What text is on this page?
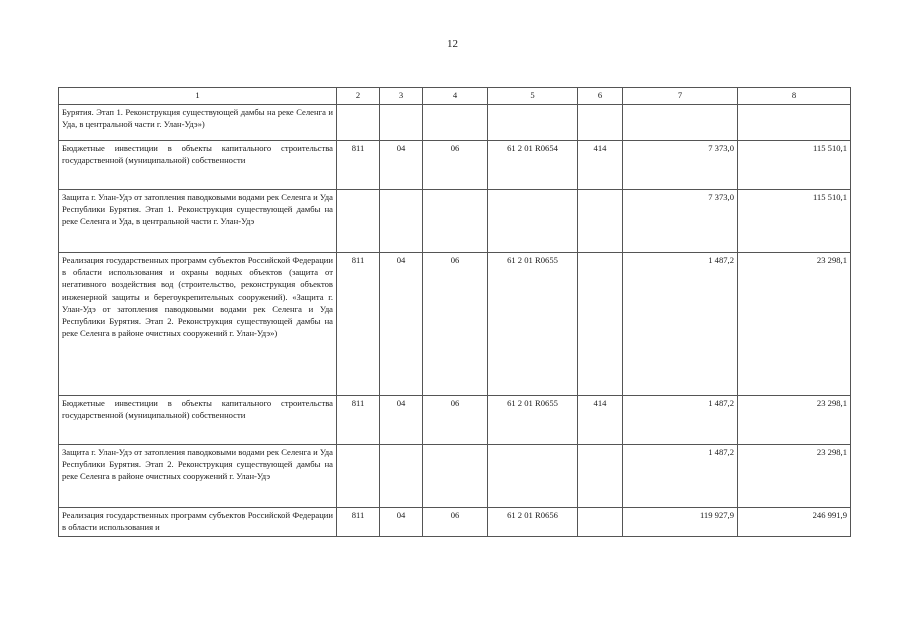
12
1	2	3	4	5	6	7	8
Бурятия. Этап 1. Реконструкция существующей дамбы на реке Селенга и Уда, в центральной части г. Улан-Удэ»)							
Бюджетные инвестиции в объекты капитального строительства государственной (муниципальной) собственности	811	04	06	61 2 01 R0654	414	7 373,0	115 510,1
Защита г. Улан-Удэ от затопления паводковыми водами рек Селенга и Уда Республики Бурятия. Этап 1. Реконструкция существующей дамбы на реке Селенга и Уда, в центральной части г. Улан-Удэ						7 373,0	115 510,1
Реализация государственных программ субъектов Российской Федерации в области использования и охраны водных объектов (защита от негативного воздействия вод (строительство, реконструкция объектов инженерной защиты и берегоукрепительных сооружений). «Защита г. Улан-Удэ от затопления паводковыми водами рек Селенга и Уда Республики Бурятия. Этап 2. Реконструкция существующей дамбы на реке Селенга в районе очистных сооружений г. Улан-Удэ»)	811	04	06	61 2 01 R0655		1 487,2	23 298,1
Бюджетные инвестиции в объекты капитального строительства государственной (муниципальной) собственности	811	04	06	61 2 01 R0655	414	1 487,2	23 298,1
Защита г. Улан-Удэ от затопления паводковыми водами рек Селенга и Уда Республики Бурятия. Этап 2. Реконструкция существующей дамбы на реке Селенга в районе очистных сооружений г. Улан-Удэ						1 487,2	23 298,1
Реализация государственных программ субъектов Российской Федерации в области использования и	811	04	06	61 2 01 R0656		119 927,9	246 991,9
